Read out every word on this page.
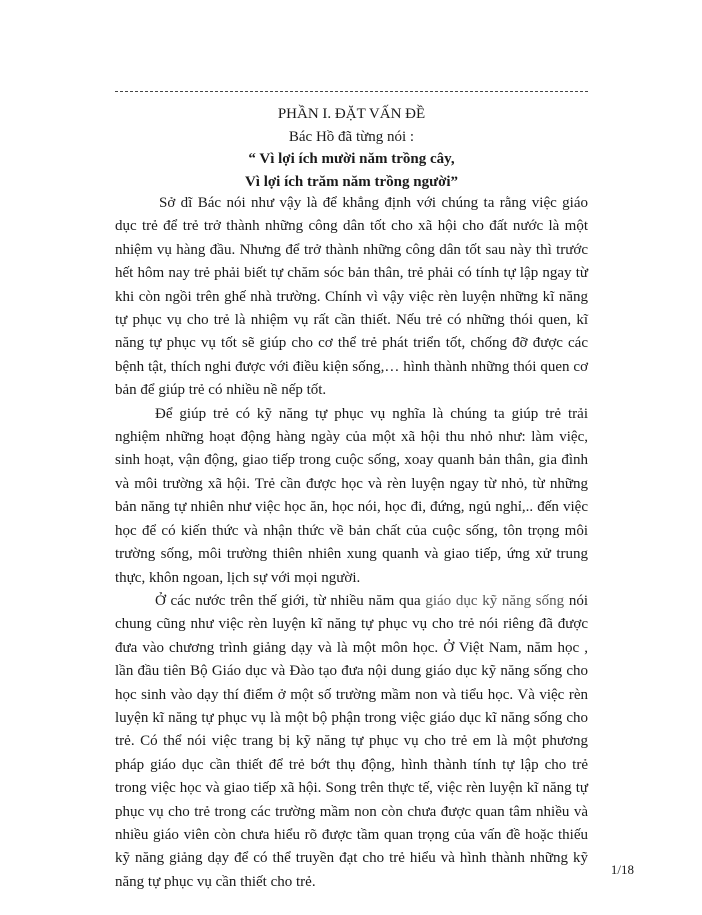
PHẦN I. ĐẶT VẤN ĐỀ
Bác Hồ đã từng nói :
“ Vì lợi ích mười năm trồng cây,
Vì lợi ích trăm năm trồng người”

Sở dĩ Bác nói như vậy là để khẳng định với chúng ta rằng việc giáo dục trẻ để trẻ trở thành những công dân tốt cho xã hội cho đất nước là một nhiệm vụ hàng đầu. Nhưng để trở thành những công dân tốt sau này thì trước hết hôm nay trẻ phải biết tự chăm sóc bản thân, trẻ phải có tính tự lập ngay từ khi còn ngồi trên ghế nhà trường. Chính vì vậy việc rèn luyện những kĩ năng tự phục vụ cho trẻ là nhiệm vụ rất cần thiết. Nếu trẻ có những thói quen, kĩ năng tự phục vụ tốt sẽ giúp cho cơ thể trẻ phát triển tốt, chống đỡ được các bệnh tật, thích nghi được với điều kiện sống,… hình thành những thói quen cơ bản để giúp trẻ có nhiều nề nếp tốt.

Để giúp trẻ có kỹ năng tự phục vụ nghĩa là chúng ta giúp trẻ trải nghiệm những hoạt động hàng ngày của một xã hội thu nhỏ như: làm việc, sinh hoạt, vận động, giao tiếp trong cuộc sống, xoay quanh bản thân, gia đình và môi trường xã hội. Trẻ cần được học và rèn luyện ngay từ nhỏ, từ những bản năng tự nhiên như việc học ăn, học nói, học đi, đứng, ngủ nghỉ,.. đến việc học để có kiến thức và nhận thức về bản chất của cuộc sống, tôn trọng môi trường sống, môi trường thiên nhiên xung quanh và giao tiếp, ứng xử trung thực, khôn ngoan, lịch sự với mọi người.

Ở các nước trên thế giới, từ nhiều năm qua giáo dục kỹ năng sống nói chung cũng như việc rèn luyện kĩ năng tự phục vụ cho trẻ nói riêng đã được đưa vào chương trình giảng dạy và là một môn học. Ở Việt Nam, năm học , lần đầu tiên Bộ Giáo dục và Đào tạo đưa nội dung giáo dục kỹ năng sống cho học sinh vào dạy thí điểm ở một số trường mầm non và tiểu học. Và việc rèn luyện kĩ năng tự phục vụ là một bộ phận trong việc giáo dục kĩ năng sống cho trẻ. Có thể nói việc trang bị kỹ năng tự phục vụ cho trẻ em là một phương pháp giáo dục cần thiết để trẻ bớt thụ động, hình thành tính tự lập cho trẻ trong việc học và giao tiếp xã hội. Song trên thực tế, việc rèn luyện kĩ năng tự phục vụ cho trẻ trong các trường mầm non còn chưa được quan tâm nhiều và nhiều giáo viên còn chưa hiểu rõ được tầm quan trọng của vấn đề hoặc thiếu kỹ năng giảng dạy để có thể truyền đạt cho trẻ hiểu và hình thành những kỹ năng tự phục vụ cần thiết cho trẻ.

1/18
